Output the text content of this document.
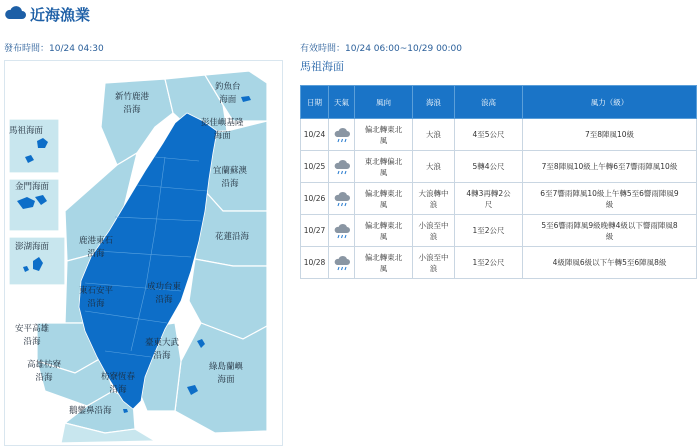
近海漁業
發布時間：10/24 04:30	有效時間：10/24 06:00~10/29 00:00
釣魚台
海面
新竹鹿港
沿海
馬祖海面
彭佳嶼基隆
海面
金門海面
宜蘭蘇澳
沿海
澎湖海面
鹿港東石
沿海
花蓮沿海
東石安平
沿海
成功台東
沿海
安平高雄
沿海	臺東大武
沿海
高雄枋寮
沿海	枋寮恆春
沿海
綠島蘭嶼
海面
鵝鑾鼻沿海
馬祖海面
日期	天氣	風向	海浪	浪高	風力（級）
10/24		偏北轉東北
風	大浪	4至5公尺	7至8陣風10級
10/25		東北轉偏北
風	大浪	5轉4公尺	7至8陣風10級上午轉6至7響雨陣風10級
10/26		偏北轉東北
風	大浪轉中
浪	4轉3再轉2公
尺	6至7響雨陣風10級上午轉5至6響雨陣風9
級
10/27		偏北轉東北
風	小浪至中
浪	1至2公尺	5至6響雨陣風9級晚轉4級以下響雨陣風8
級
10/28		偏北轉東北
風	小浪至中
浪	1至2公尺	4級陣風6級以下午轉5至6陣風8級
